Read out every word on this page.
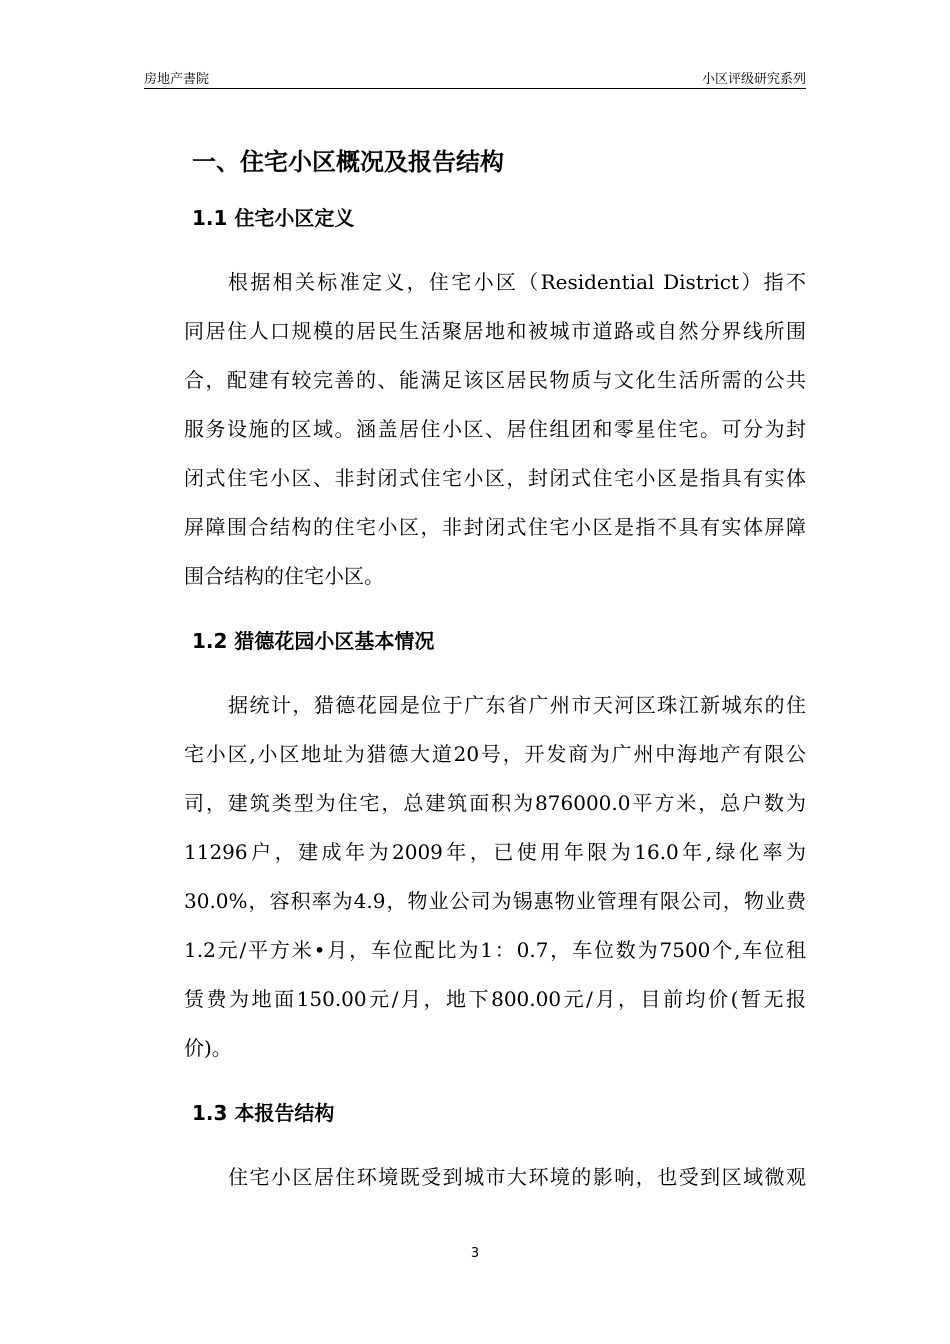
房地产書院	小区评级研究系列
一、住宅小区概况及报告结构
1.1 住宅小区定义
根据相关标准定义，住宅小区（Residential District）指不
同居住人口规模的居民生活聚居地和被城市道路或自然分界线所围
合，配建有较完善的、能满足该区居民物质与文化生活所需的公共
服务设施的区域。涵盖居住小区、居住组团和零星住宅。可分为封
闭式住宅小区、非封闭式住宅小区，封闭式住宅小区是指具有实体
屏障围合结构的住宅小区，非封闭式住宅小区是指不具有实体屏障
围合结构的住宅小区。
1.2 猎德花园小区基本情况
据统计，猎德花园是位于广东省广州市天河区珠江新城东的住
宅小区,小区地址为猎德大道20号，开发商为广州中海地产有限公
司，建筑类型为住宅，总建筑面积为876000.0平方米，总户数为
11296户，建成年为2009年，已使用年限为16.0年,绿化率为
30.0%，容积率为4.9，物业公司为锡惠物业管理有限公司，物业费
1.2元/平方米•月，车位配比为1：0.7，车位数为7500个,车位租
赁费为地面150.00元/月，地下800.00元/月，目前均价(暂无报
价)。
1.3 本报告结构
住宅小区居住环境既受到城市大环境的影响，也受到区域微观
3
